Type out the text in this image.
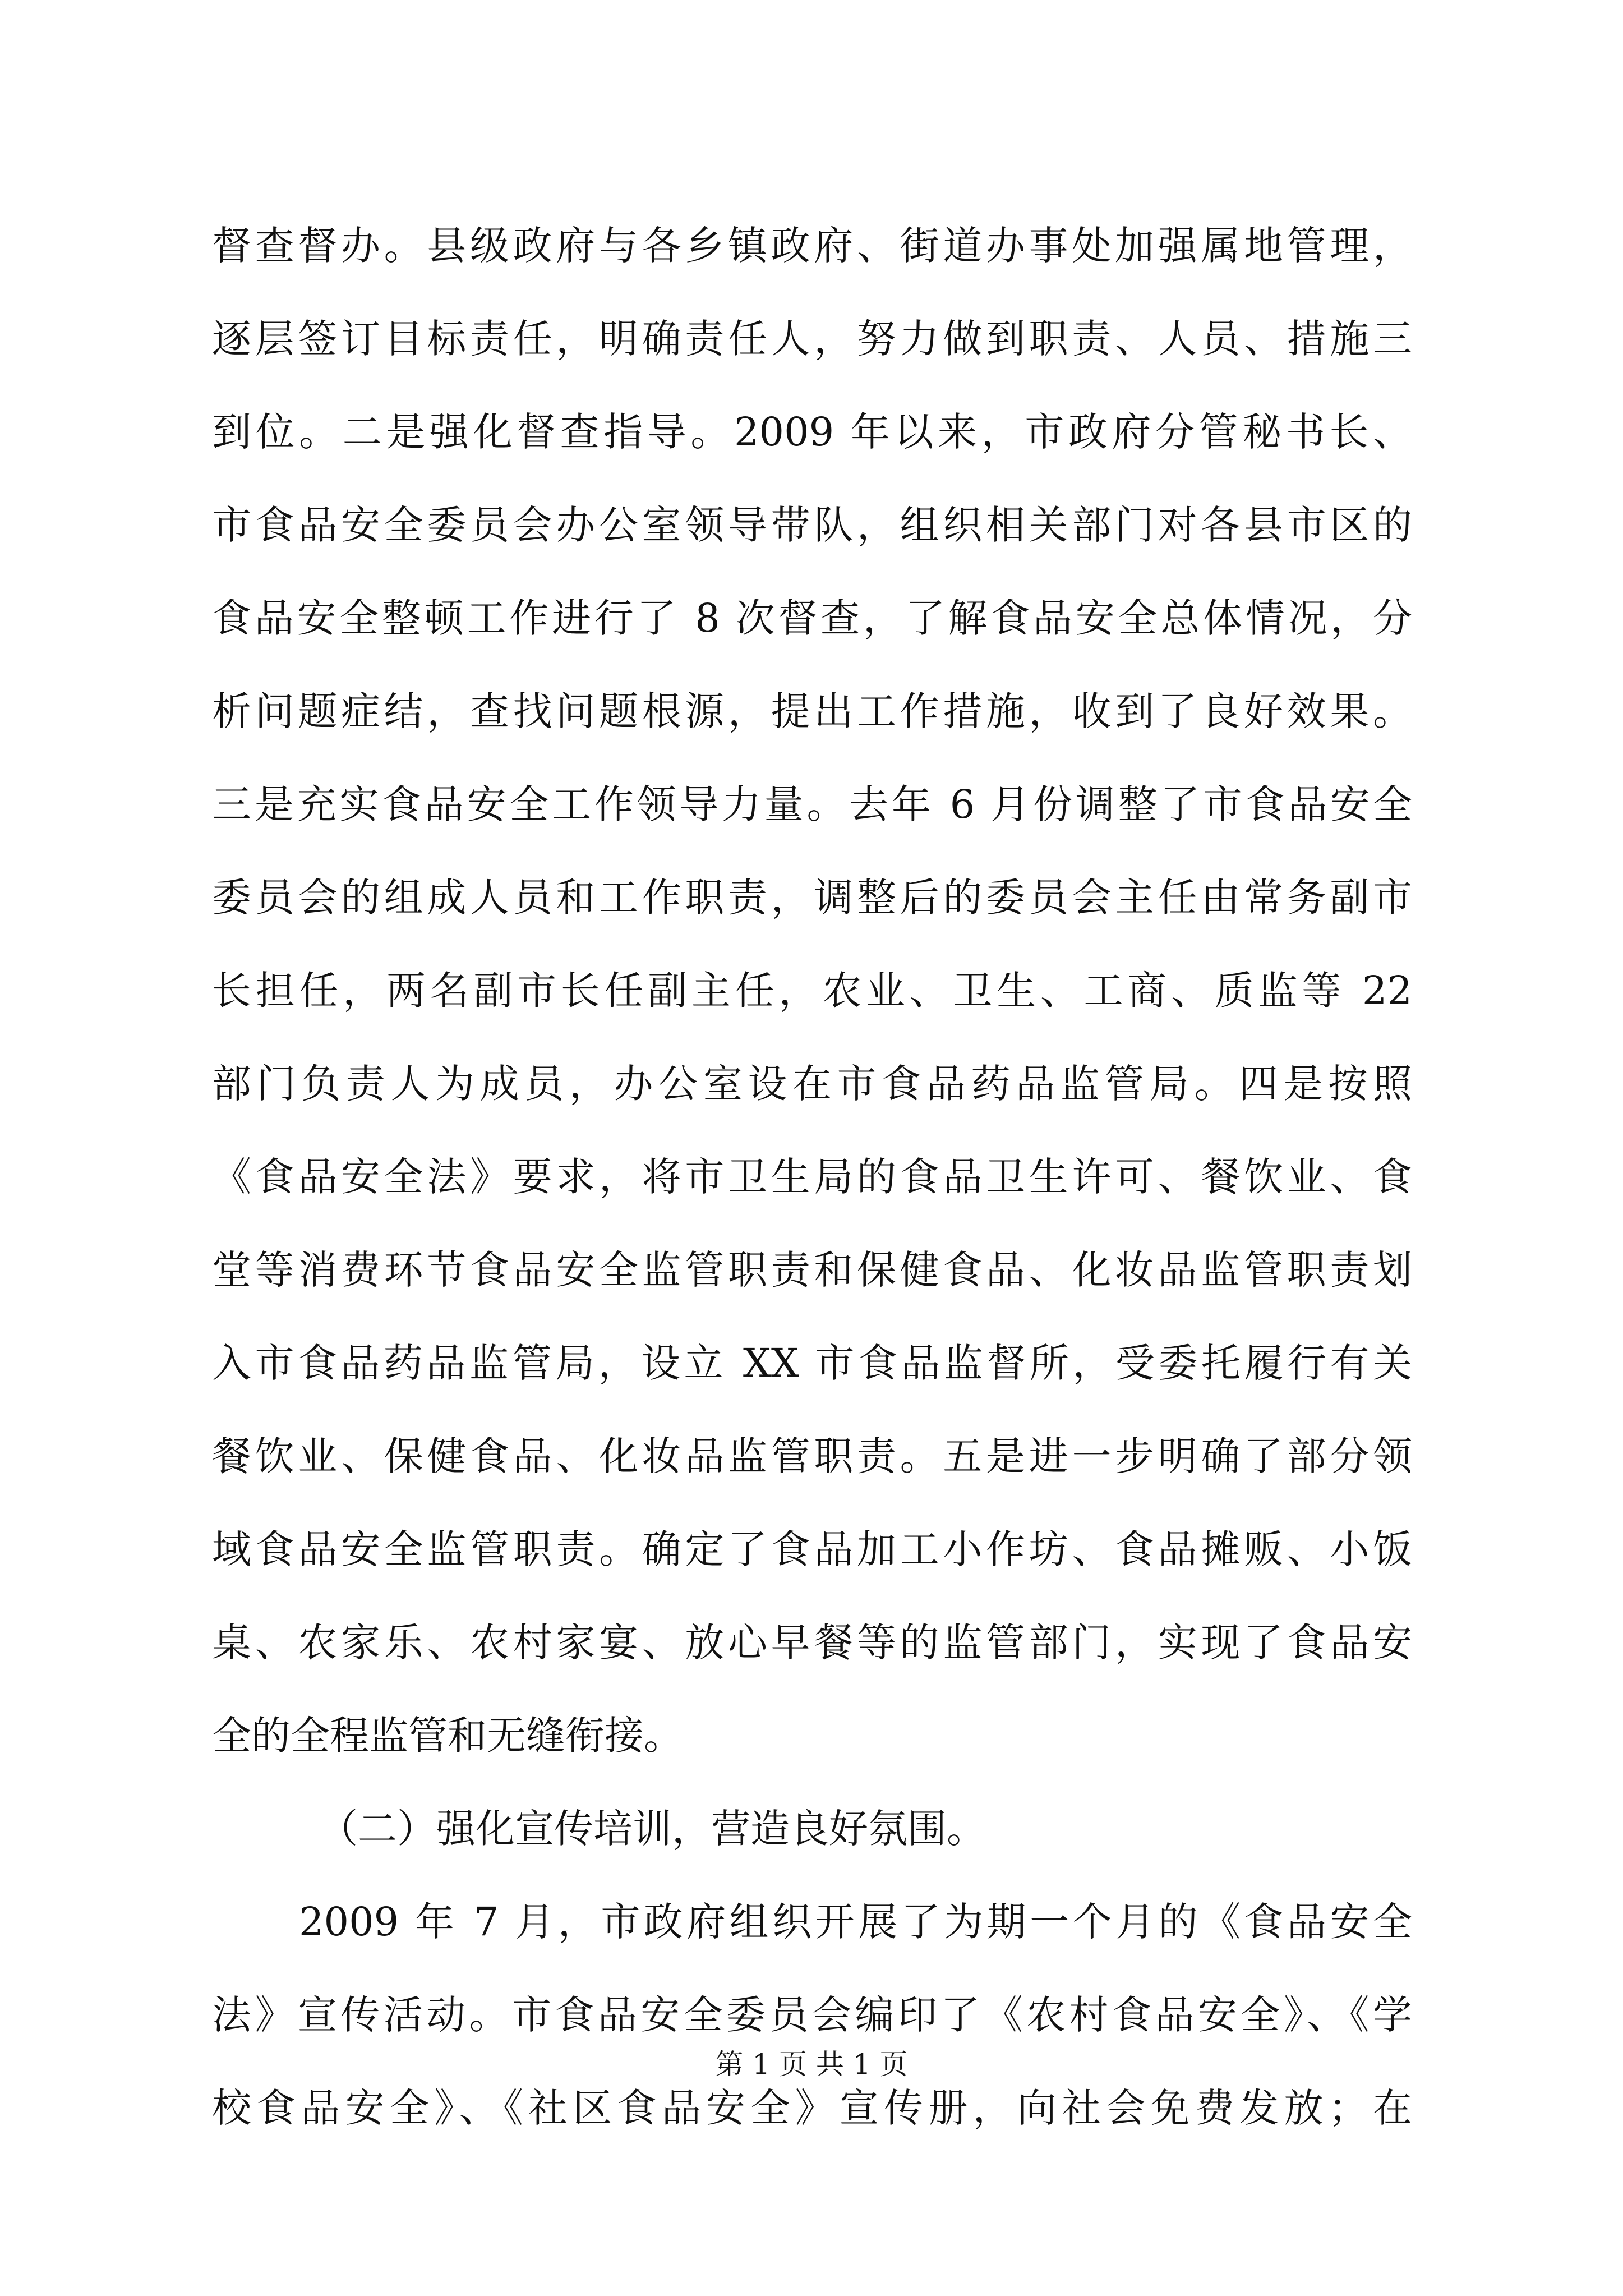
督查督办。县级政府与各乡镇政府、街道办事处加强属地管理，
逐层签订目标责任，明确责任人，努力做到职责、人员、措施三
到位。二是强化督查指导。2009 年以来，市政府分管秘书长、
市食品安全委员会办公室领导带队，组织相关部门对各县市区的
食品安全整顿工作进行了 8 次督查，了解食品安全总体情况，分
析问题症结，查找问题根源，提出工作措施，收到了良好效果。
三是充实食品安全工作领导力量。去年 6 月份调整了市食品安全
委员会的组成人员和工作职责，调整后的委员会主任由常务副市
长担任，两名副市长任副主任，农业、卫生、工商、质监等 22
部门负责人为成员，办公室设在市食品药品监管局。四是按照
《食品安全法》要求，将市卫生局的食品卫生许可、餐饮业、食
堂等消费环节食品安全监管职责和保健食品、化妆品监管职责划
入市食品药品监管局，设立 XX 市食品监督所，受委托履行有关
餐饮业、保健食品、化妆品监管职责。五是进一步明确了部分领
域食品安全监管职责。确定了食品加工小作坊、食品摊贩、小饭
桌、农家乐、农村家宴、放心早餐等的监管部门，实现了食品安
全的全程监管和无缝衔接。
（二）强化宣传培训，营造良好氛围。
2009 年 7 月，市政府组织开展了为期一个月的《食品安全
法》宣传活动。市食品安全委员会编印了《农村食品安全》、《学
校食品安全》、《社区食品安全》宣传册，向社会免费发放；在
第 1 页 共 1 页
